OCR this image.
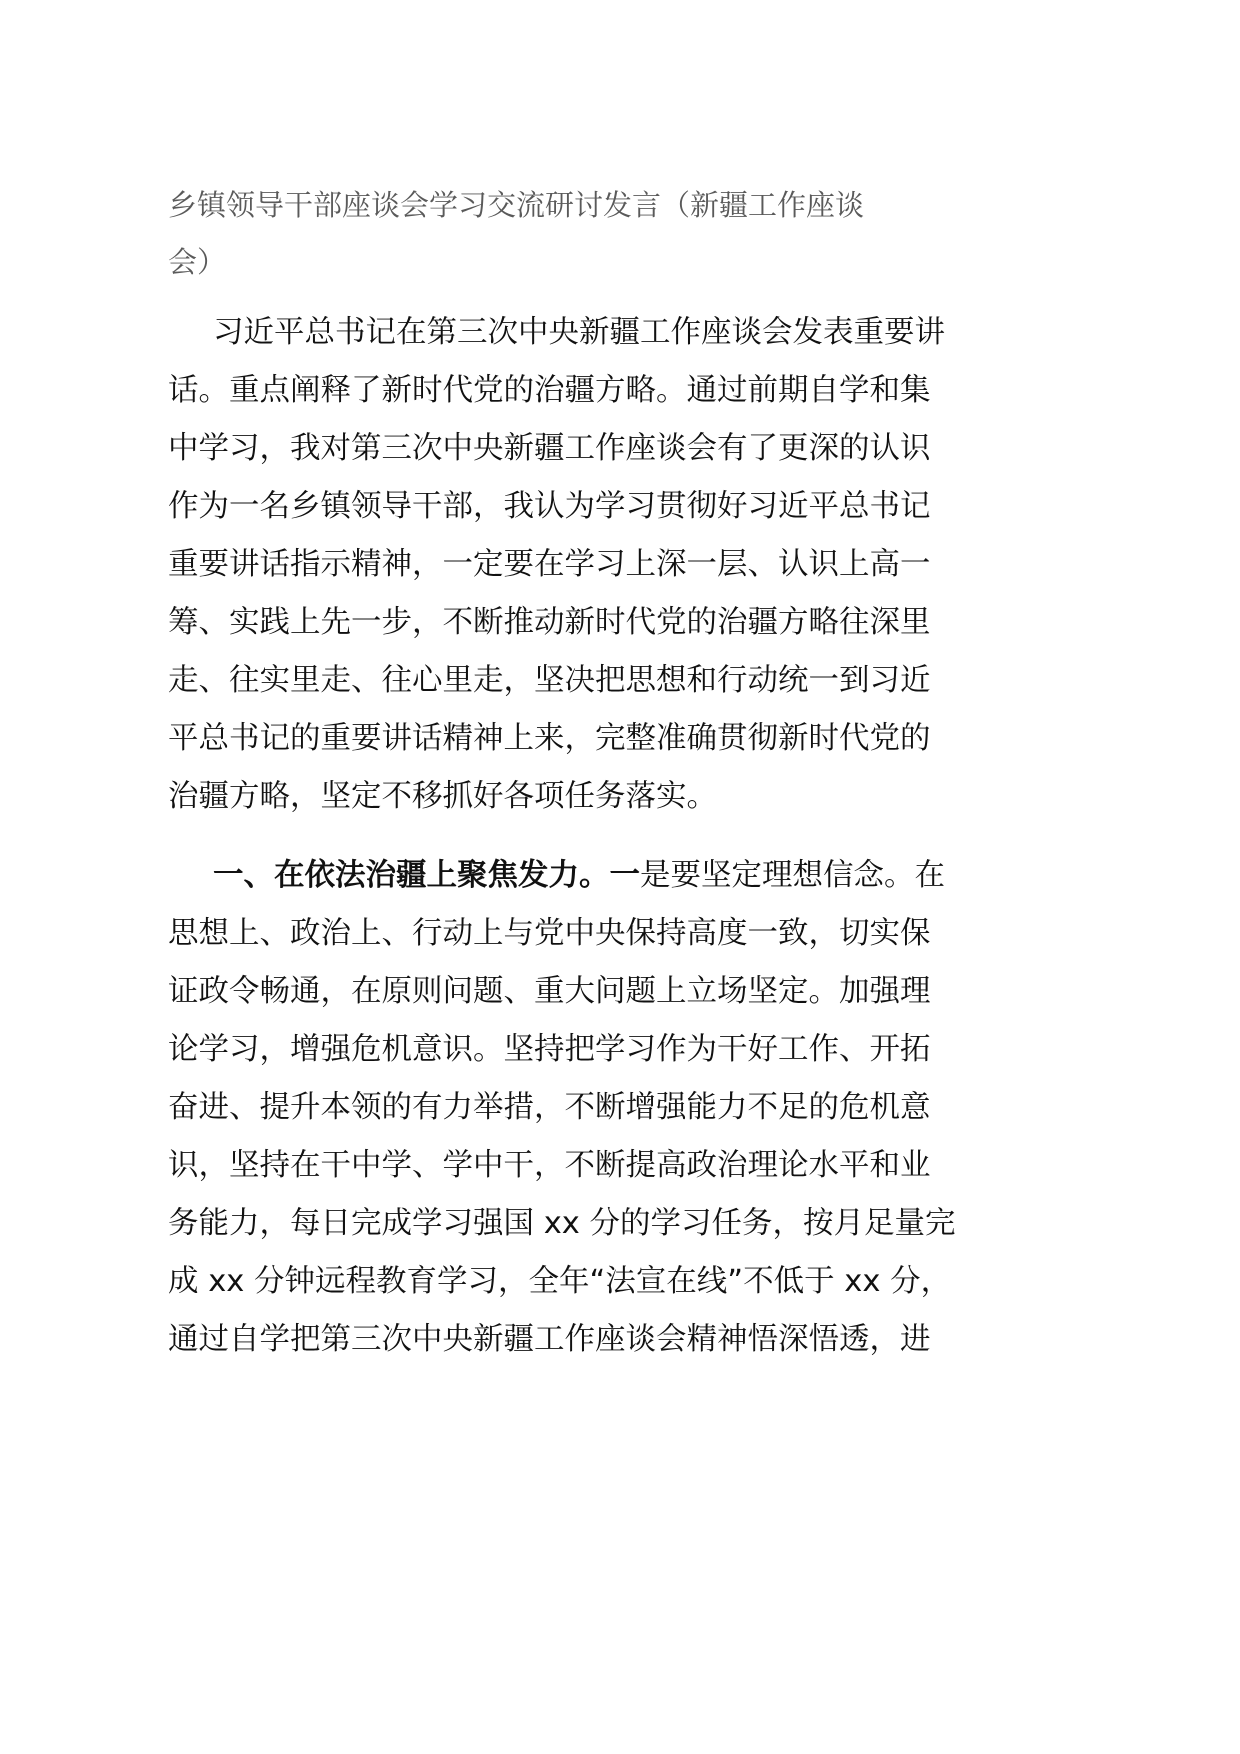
乡镇领导干部座谈会学习交流研讨发言（新疆工作座谈
会）
习近平总书记在第三次中央新疆工作座谈会发表重要讲
话。重点阐释了新时代党的治疆方略。通过前期自学和集
中学习，我对第三次中央新疆工作座谈会有了更深的认识
作为一名乡镇领导干部，我认为学习贯彻好习近平总书记
重要讲话指示精神，一定要在学习上深一层、认识上高一
筹、实践上先一步，不断推动新时代党的治疆方略往深里
走、往实里走、往心里走，坚决把思想和行动统一到习近
平总书记的重要讲话精神上来，完整准确贯彻新时代党的
治疆方略，坚定不移抓好各项任务落实。
一、在依法治疆上聚焦发力。一是要坚定理想信念。在
思想上、政治上、行动上与党中央保持高度一致，切实保
证政令畅通，在原则问题、重大问题上立场坚定。加强理
论学习，增强危机意识。坚持把学习作为干好工作、开拓
奋进、提升本领的有力举措，不断增强能力不足的危机意
识，坚持在干中学、学中干，不断提高政治理论水平和业
务能力，每日完成学习强国 xx 分的学习任务，按月足量完
成 xx 分钟远程教育学习，全年“法宣在线”不低于 xx 分，
通过自学把第三次中央新疆工作座谈会精神悟深悟透，进
